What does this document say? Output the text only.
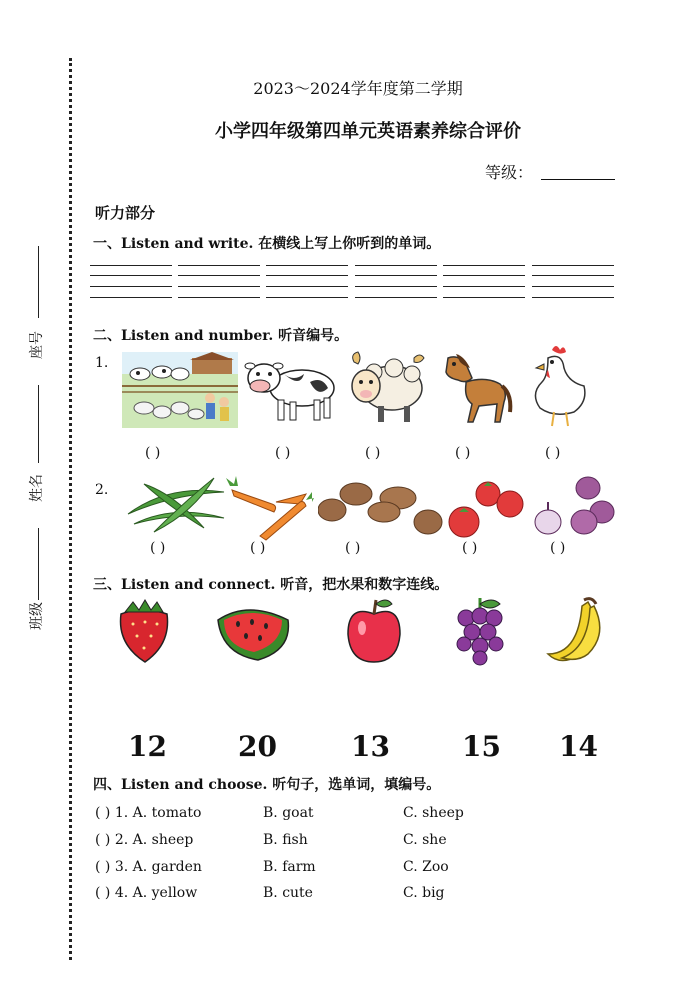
座号
姓名
班级
2023～2024学年度第二学期
小学四年级第四单元英语素养综合评价
等级：
听力部分
一、Listen and write. 在横线上写上你听到的单词。
二、Listen and number. 听音编号。
1.
( )	( )	( )	( )	( )
2.
( )	( )	( )	( )	( )
三、Listen and connect. 听音，把水果和数字连线。
12	20	13	15 14
四、Listen and choose. 听句子，选单词，填编号。
( ) 1. A. tomato	B. goat	C. sheep
( ) 2. A. sheep	B. fish	C. she
( ) 3. A. garden	B. farm	C. Zoo
( ) 4. A. yellow	B. cute	C. big
